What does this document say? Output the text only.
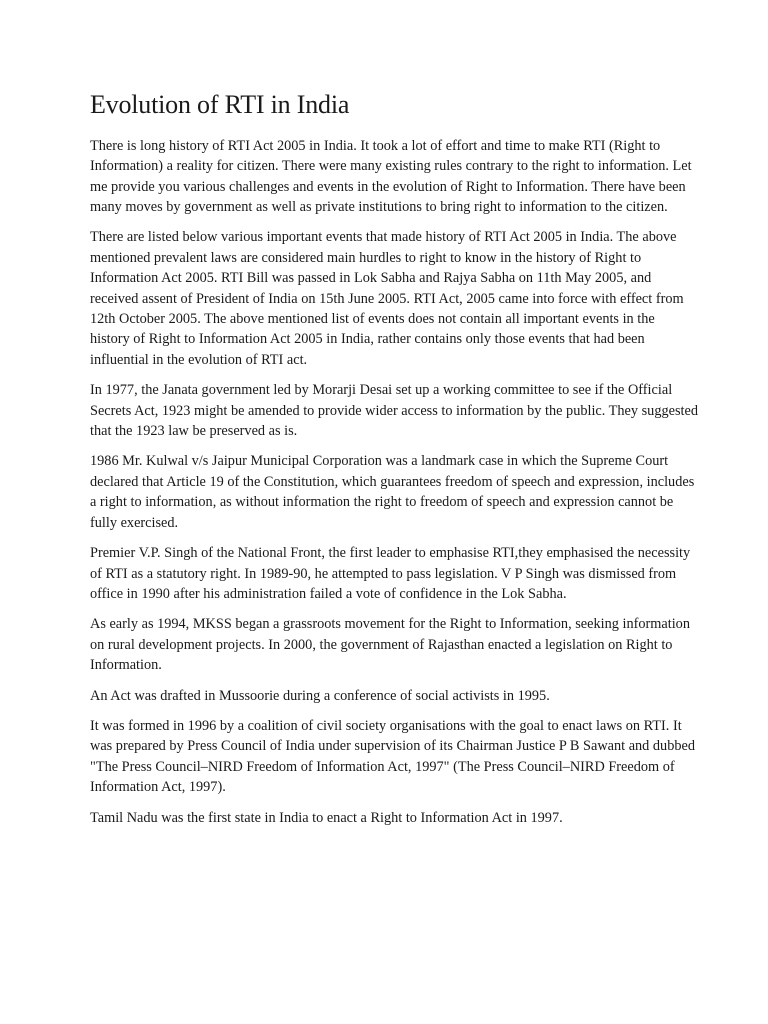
Evolution of RTI in India

There is long history of RTI Act 2005 in India. It took a lot of effort and time to make RTI (Right to Information) a reality for citizen. There were many existing rules contrary to the right to information. Let me provide you various challenges and events in the evolution of Right to Information. There have been many moves by government as well as private institutions to bring right to information to the citizen.

There are listed below various important events that made history of RTI Act 2005 in India. The above mentioned prevalent laws are considered main hurdles to right to know in the history of Right to Information Act 2005. RTI Bill was passed in Lok Sabha and Rajya Sabha on 11th May 2005, and received assent of President of India on 15th June 2005. RTI Act, 2005 came into force with effect from 12th October 2005. The above mentioned list of events does not contain all important events in the history of Right to Information Act 2005 in India, rather contains only those events that had been influential in the evolution of RTI act.

In 1977, the Janata government led by Morarji Desai set up a working committee to see if the Official Secrets Act, 1923 might be amended to provide wider access to information by the public. They suggested that the 1923 law be preserved as is.

1986 Mr. Kulwal v/s Jaipur Municipal Corporation was a landmark case in which the Supreme Court declared that Article 19 of the Constitution, which guarantees freedom of speech and expression, includes a right to information, as without information the right to freedom of speech and expression cannot be fully exercised.

Premier V.P. Singh of the National Front, the first leader to emphasise RTI,they emphasised the necessity of RTI as a statutory right. In 1989-90, he attempted to pass legislation. V P Singh was dismissed from office in 1990 after his administration failed a vote of confidence in the Lok Sabha.

As early as 1994, MKSS began a grassroots movement for the Right to Information, seeking information on rural development projects. In 2000, the government of Rajasthan enacted a legislation on Right to Information.

An Act was drafted in Mussoorie during a conference of social activists in 1995.

It was formed in 1996 by a coalition of civil society organisations with the goal to enact laws on RTI. It was prepared by Press Council of India under supervision of its Chairman Justice P B Sawant and dubbed "The Press Council–NIRD Freedom of Information Act, 1997" (The Press Council–NIRD Freedom of Information Act, 1997).

Tamil Nadu was the first state in India to enact a Right to Information Act in 1997.
